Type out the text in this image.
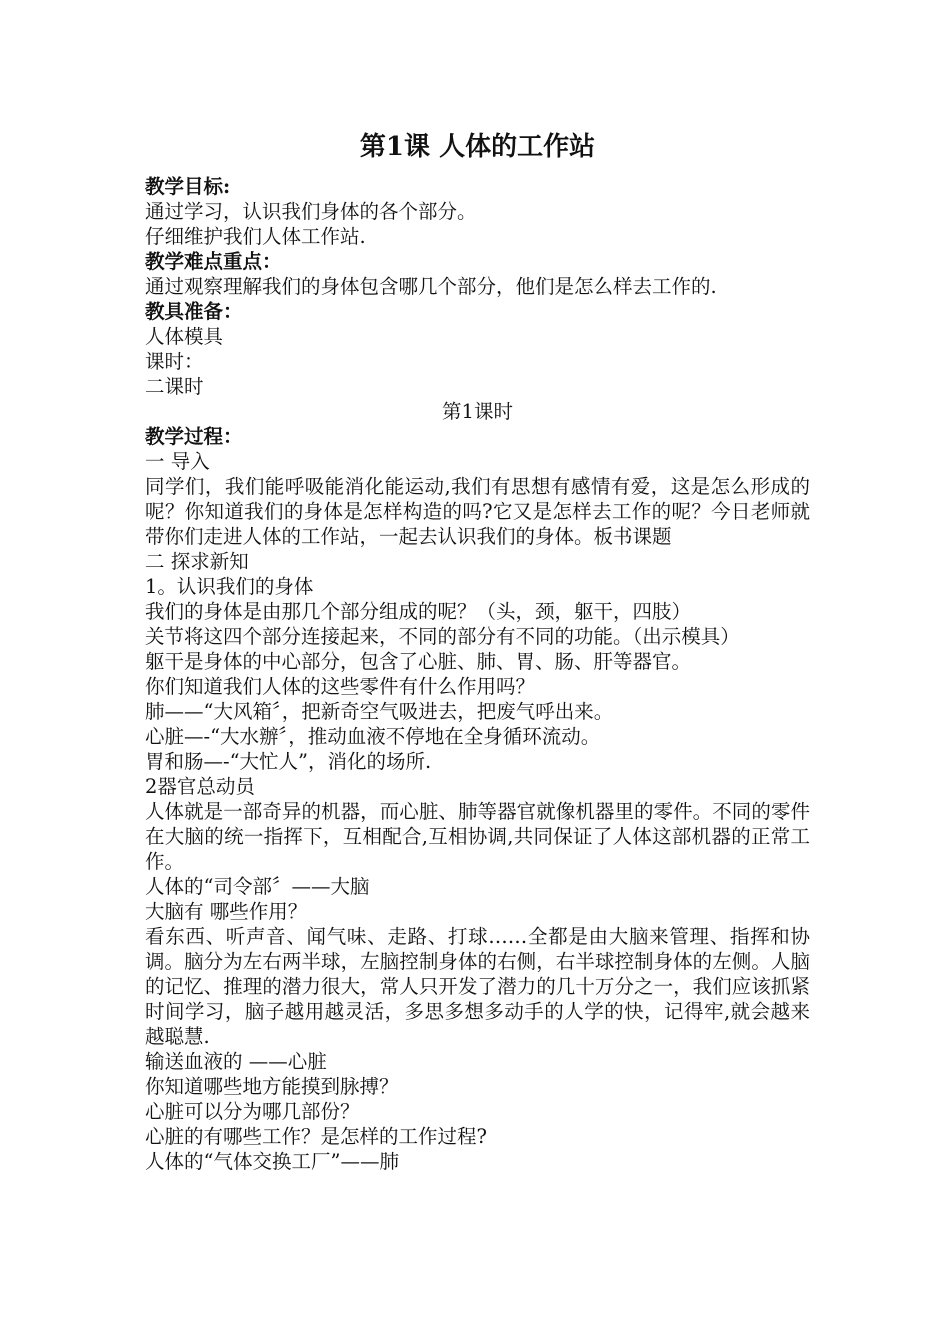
第1课 人体的工作站

教学目标:

通过学习，认识我们身体的各个部分。

仔细维护我们人体工作站.

教学难点重点：

通过观察理解我们的身体包含哪几个部分，他们是怎么样去工作的.

教具准备：

人体模具

课时：

二课时

第1课时

教学过程：

一 导入

同学们，我们能呼吸能消化能运动,我们有思想有感情有爱，这是怎么形成的呢？你知道我们的身体是怎样构造的吗?它又是怎样去工作的呢？今日老师就带你们走进人体的工作站，一起去认识我们的身体。板书课题

二 探求新知

1。认识我们的身体

我们的身体是由那几个部分组成的呢？（头，颈，躯干，四肢）

关节将这四个部分连接起来，不同的部分有不同的功能。（出示模具）

躯干是身体的中心部分，包含了心脏、肺、胃、肠、肝等器官。

你们知道我们人体的这些零件有什么作用吗？

肺——“大风箱〞，把新奇空气吸进去，把废气呼出来。

心脏—-“大水辦〞，推动血液不停地在全身循环流动。

胃和肠—-“大忙人”，消化的场所.

2器官总动员

人体就是一部奇异的机器，而心脏、肺等器官就像机器里的零件。不同的零件在大脑的统一指挥下，互相配合,互相协调,共同保证了人体这部机器的正常工作。

人体的“司令部〞——大脑

大脑有 哪些作用？

看东西、听声音、闻气味、走路、打球……全都是由大脑来管理、指挥和协调。脑分为左右两半球，左脑控制身体的右侧，右半球控制身体的左侧。人脑的记忆、推理的潜力很大，常人只开发了潜力的几十万分之一，我们应该抓紧时间学习，脑子越用越灵活，多思多想多动手的人学的快，记得牢,就会越来越聪慧.

输送血液的 ——心脏

你知道哪些地方能摸到脉搏？

心脏可以分为哪几部份？

心脏的有哪些工作？是怎样的工作过程?

人体的“气体交换工厂”——肺
